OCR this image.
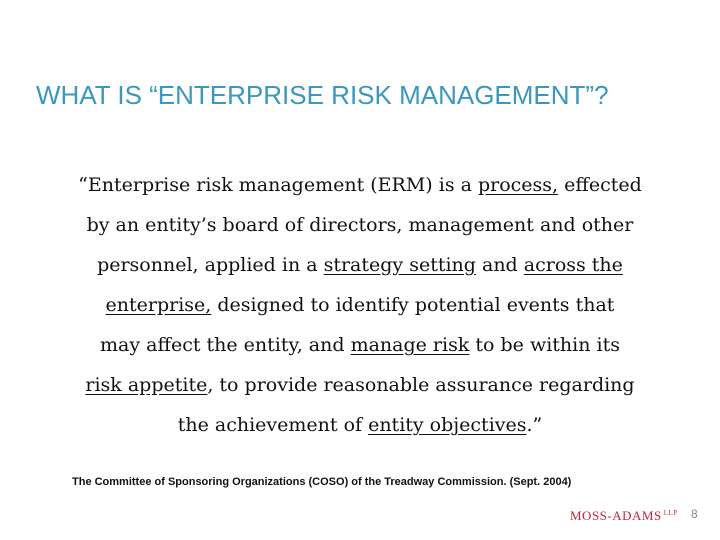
WHAT IS “ENTERPRISE RISK MANAGEMENT”?
“Enterprise risk management (ERM) is a process, effected
by an entity’s board of directors, management and other
personnel, applied in a strategy setting and across the
enterprise, designed to identify potential events that
may affect the entity, and manage risk to be within its
risk appetite, to provide reasonable assurance regarding
the achievement of entity objectives.”
The Committee of Sponsoring Organizations (COSO) of the Treadway Commission. (Sept. 2004)
MOSS-ADAMS $^{LLP}$ 8
